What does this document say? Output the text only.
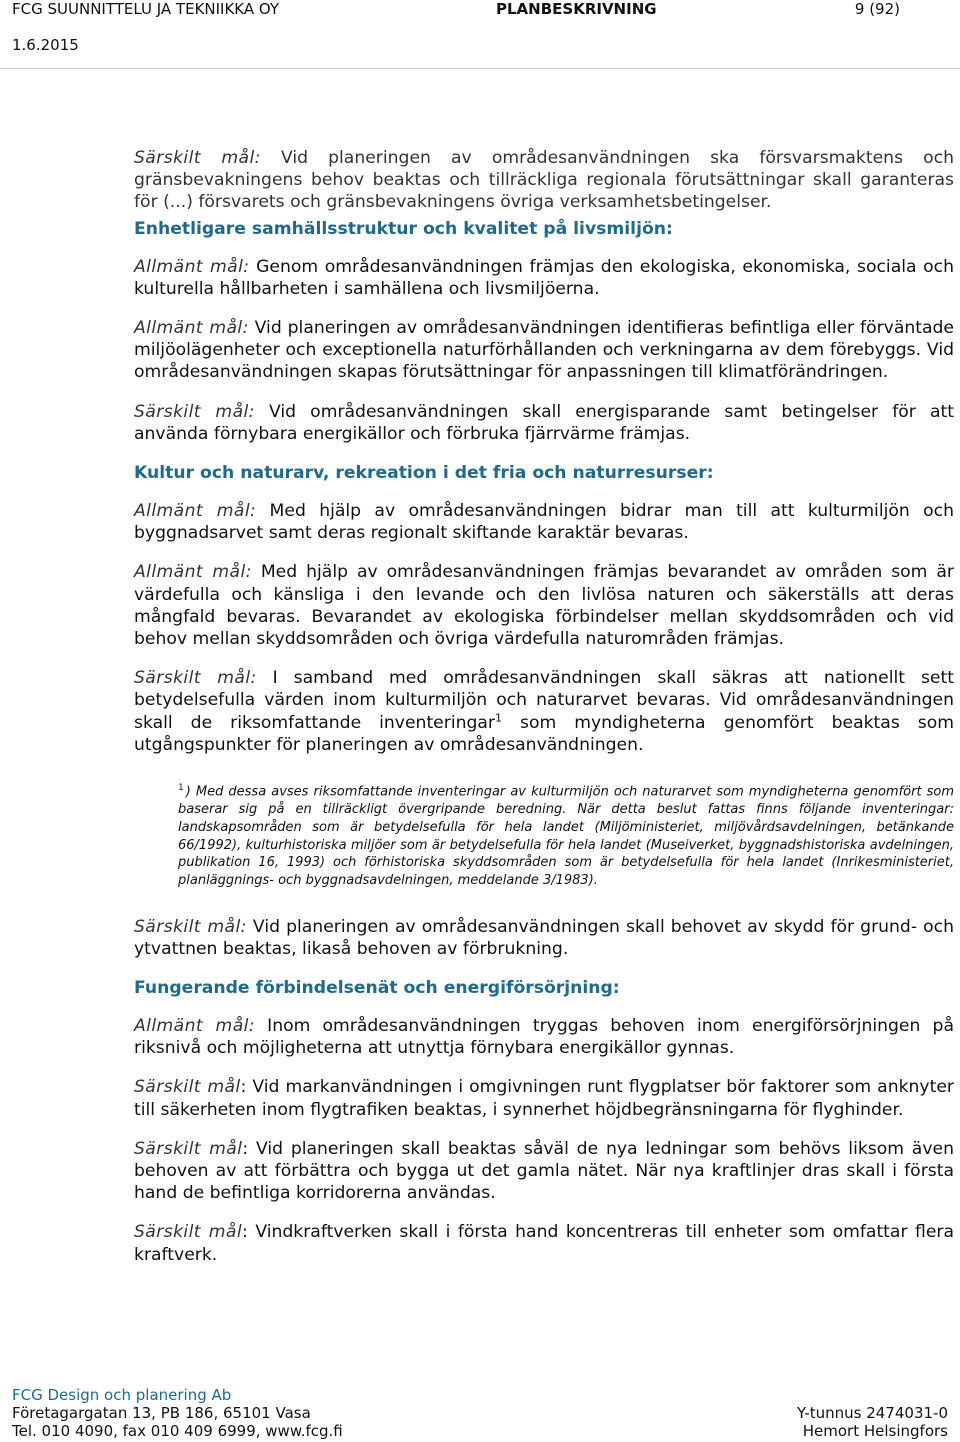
FCG SUUNNITTELU JA TEKNIIKKA OY	PLANBESKRIVNING	9 (92)
1.6.2015

Särskilt mål: Vid planeringen av områdesanvändningen ska försvarsmaktens och gränsbevakningens behov beaktas och tillräckliga regionala förutsättningar skall garanteras för (...) försvarets och gränsbevakningens övriga verksamhetsbetingelser.

Enhetligare samhällsstruktur och kvalitet på livsmiljön:

Allmänt mål: Genom områdesanvändningen främjas den ekologiska, ekonomiska, sociala och kulturella hållbarheten i samhällena och livsmiljöerna.

Allmänt mål: Vid planeringen av områdesanvändningen identifieras befintliga eller förväntade miljöolägenheter och exceptionella naturförhållanden och verkningarna av dem förebyggs. Vid områdesanvändningen skapas förutsättningar för anpassningen till klimatförändringen.

Särskilt mål: Vid områdesanvändningen skall energisparande samt betingelser för att använda förnybara energikällor och förbruka fjärrvärme främjas.

Kultur och naturarv, rekreation i det fria och naturresurser:

Allmänt mål: Med hjälp av områdesanvändningen bidrar man till att kulturmiljön och byggnadsarvet samt deras regionalt skiftande karaktär bevaras.

Allmänt mål: Med hjälp av områdesanvändningen främjas bevarandet av områden som är värdefulla och känsliga i den levande och den livlösa naturen och säkerställs att deras mångfald bevaras. Bevarandet av ekologiska förbindelser mellan skyddsområden och vid behov mellan skyddsområden och övriga värdefulla naturområden främjas.

Särskilt mål: I samband med områdesanvändningen skall säkras att nationellt sett betydelsefulla värden inom kulturmiljön och naturarvet bevaras. Vid områdesanvändningen skall de riksomfattande inventeringar$^1$ som myndigheterna genomfört beaktas som utgångspunkter för planeringen av områdesanvändningen.

$^1$ ) Med dessa avses riksomfattande inventeringar av kulturmiljön och naturarvet som myndigheterna genomfört som baserar sig på en tillräckligt övergripande beredning. När detta beslut fattas finns följande inventeringar: landskapsområden som är betydelsefulla för hela landet (Miljöministeriet, miljövårdsavdelningen, betänkande 66/1992), kulturhistoriska miljöer som är betydelsefulla för hela landet (Museiverket, byggnadshistoriska avdelningen, publikation 16, 1993) och förhistoriska skyddsområden som är betydelsefulla för hela landet (Inrikesministeriet, planläggnings- och byggnadsavdelningen, meddelande 3/1983).

Särskilt mål: Vid planeringen av områdesanvändningen skall behovet av skydd för grund- och ytvattnen beaktas, likaså behoven av förbrukning.

Fungerande förbindelsenät och energiförsörjning:

Allmänt mål: Inom områdesanvändningen tryggas behoven inom energiförsörjningen på riksnivå och möjligheterna att utnyttja förnybara energikällor gynnas.

Särskilt mål: Vid markanvändningen i omgivningen runt flygplatser bör faktorer som anknyter till säkerheten inom flygtrafiken beaktas, i synnerhet höjdbegränsningarna för flyghinder.

Särskilt mål: Vid planeringen skall beaktas såväl de nya ledningar som behövs liksom även behoven av att förbättra och bygga ut det gamla nätet. När nya kraftlinjer dras skall i första hand de befintliga korridorerna användas.

Särskilt mål: Vindkraftverken skall i första hand koncentreras till enheter som omfattar flera kraftverk.

FCG Design och planering Ab
Företagargatan 13, PB 186, 65101 Vasa	Y-tunnus 2474031-0
Tel. 010 4090, fax 010 409 6999, www.fcg.fi	Hemort Helsingfors
